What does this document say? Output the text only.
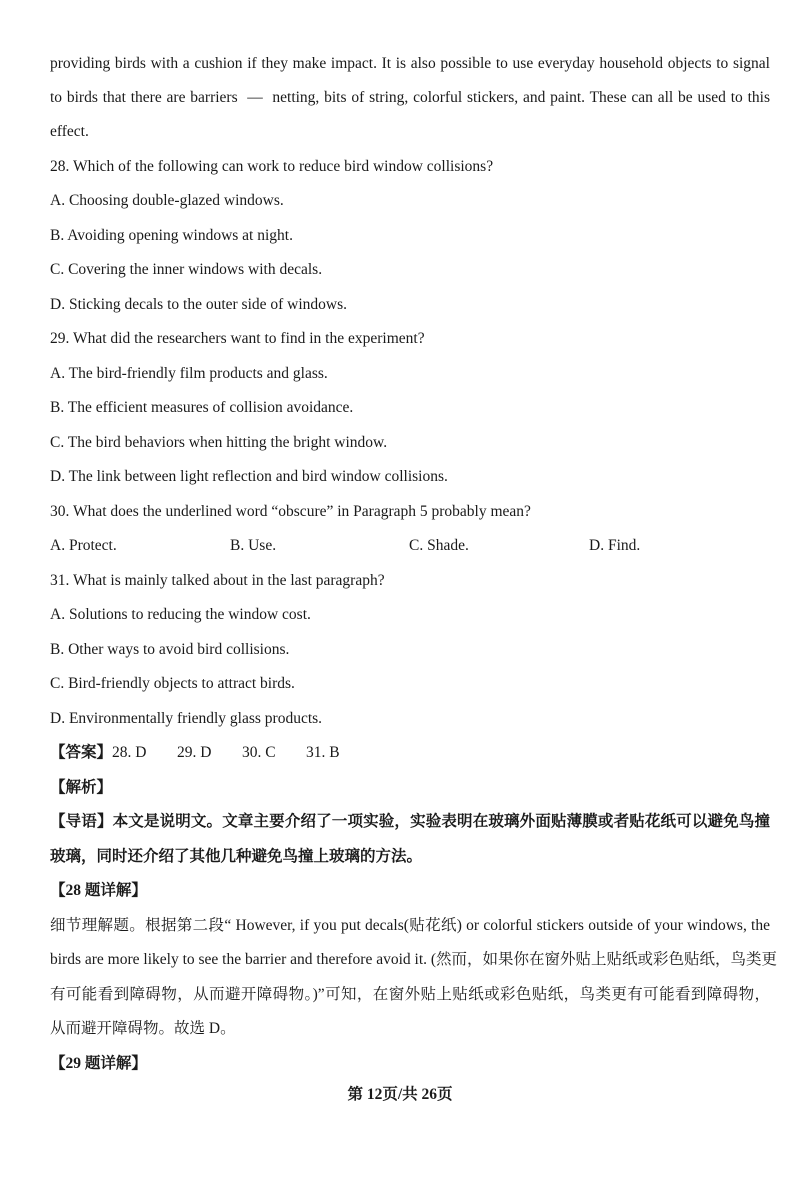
providing birds with a cushion if they make impact. It is also possible to use everyday household objects to signal
to birds that there are barriers  —  netting, bits of string, colorful stickers, and paint. These can all be used to this
effect.
28. Which of the following can work to reduce bird window collisions?
A. Choosing double-glazed windows.
B. Avoiding opening windows at night.
C. Covering the inner windows with decals.
D. Sticking decals to the outer side of windows.
29. What did the researchers want to find in the experiment?
A. The bird-friendly film products and glass.
B. The efficient measures of collision avoidance.
C. The bird behaviors when hitting the bright window.
D. The link between light reflection and bird window collisions.
30. What does the underlined word “obscure” in Paragraph 5 probably mean?
A. Protect.	B. Use.	C. Shade.	D. Find.
31. What is mainly talked about in the last paragraph?
A. Solutions to reducing the window cost.
B. Other ways to avoid bird collisions.
C. Bird-friendly objects to attract birds.
D. Environmentally friendly glass products.
【答案】 28. D 29. D 30. C 31. B
【解析】
【导语】本文是说明文。文章主要介绍了一项实验，实验表明在玻璃外面贴薄膜或者贴花纸可以避免鸟撞
玻璃，同时还介绍了其他几种避免鸟撞上玻璃的方法。
【28 题详解】
细节理解题。根据第二段“ However, if you put decals(贴花纸) or colorful stickers outside of your windows, the
birds are more likely to see the barrier and therefore avoid it. (然而，如果你在窗外贴上贴纸或彩色贴纸，鸟类更
有可能看到障碍物，从而避开障碍物。)”可知，在窗外贴上贴纸或彩色贴纸，鸟类更有可能看到障碍物，
从而避开障碍物。故选 D。
【29 题详解】
第 12页/共 26页
